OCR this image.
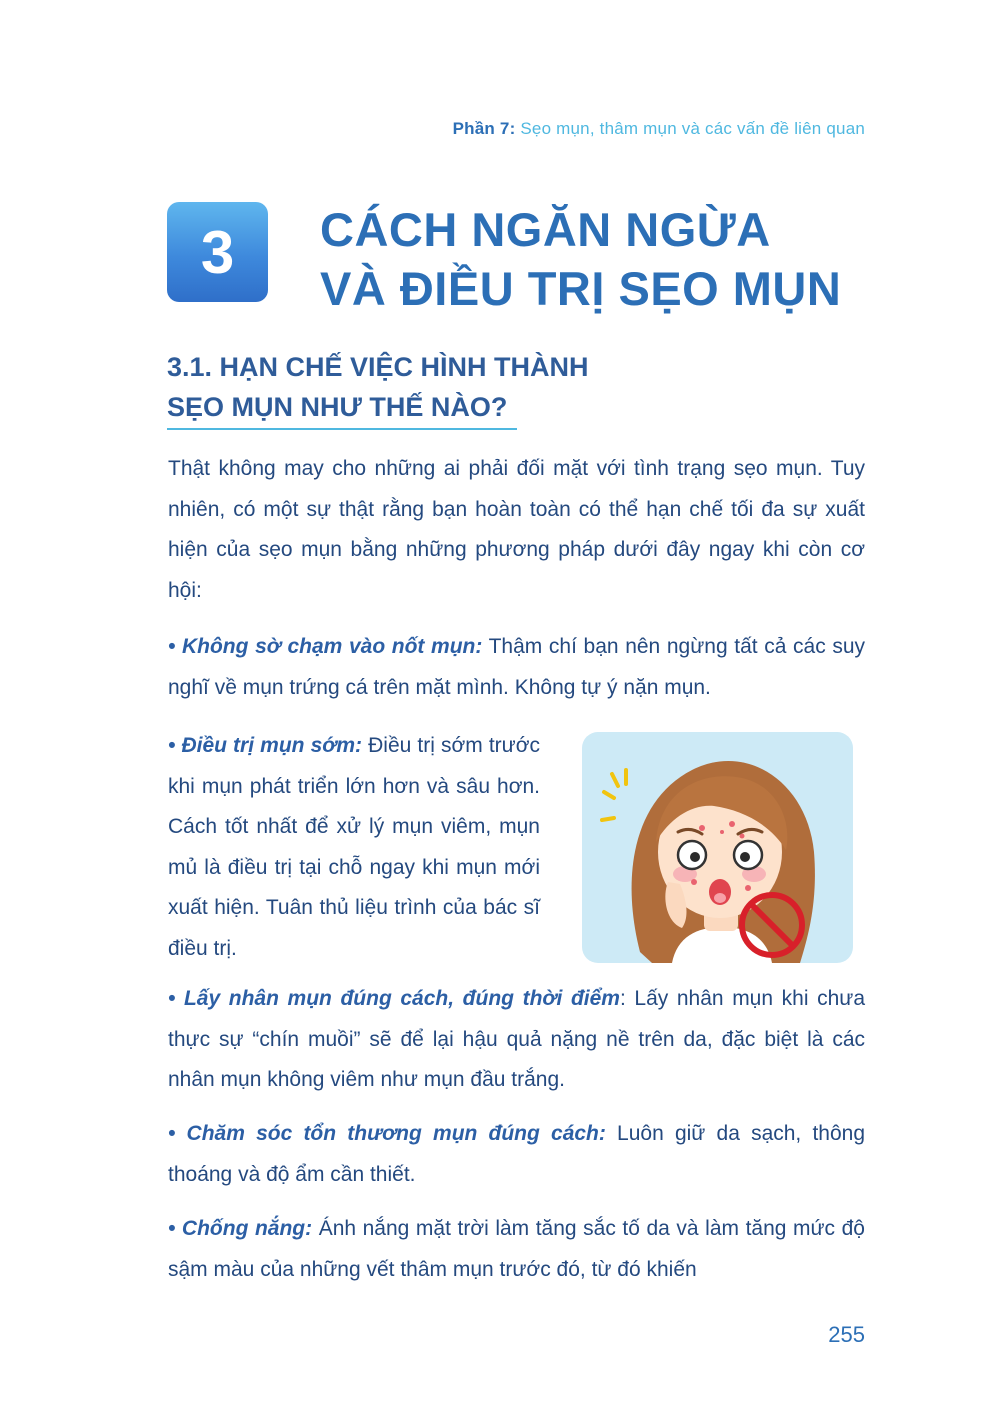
Phần 7: Sẹo mụn, thâm mụn và các vấn đề liên quan
3	CÁCH NGĂN NGỪA
VÀ ĐIỀU TRỊ SẸO MỤN
3.1. HẠN CHẾ VIỆC HÌNH THÀNH
SẸO MỤN NHƯ THẾ NÀO?

Thật không may cho những ai phải đối mặt với tình trạng sẹo mụn. Tuy nhiên, có một sự thật rằng bạn hoàn toàn có thể hạn chế tối đa sự xuất hiện của sẹo mụn bằng những phương pháp dưới đây ngay khi còn cơ hội:

• Không sờ chạm vào nốt mụn: Thậm chí bạn nên ngừng tất cả các suy nghĩ về mụn trứng cá trên mặt mình. Không tự ý nặn mụn.

• Điều trị mụn sớm: Điều trị sớm trước khi mụn phát triển lớn hơn và sâu hơn. Cách tốt nhất để xử lý mụn viêm, mụn mủ là điều trị tại chỗ ngay khi mụn mới xuất hiện. Tuân thủ liệu trình của bác sĩ điều trị.

• Lấy nhân mụn đúng cách, đúng thời điểm: Lấy nhân mụn khi chưa thực sự “chín muồi” sẽ để lại hậu quả nặng nề trên da, đặc biệt là các nhân mụn không viêm như mụn đầu trắng.

• Chăm sóc tổn thương mụn đúng cách: Luôn giữ da sạch, thông thoáng và độ ẩm cần thiết.

• Chống nắng: Ánh nắng mặt trời làm tăng sắc tố da và làm tăng mức độ sậm màu của những vết thâm mụn trước đó, từ đó khiến

255
